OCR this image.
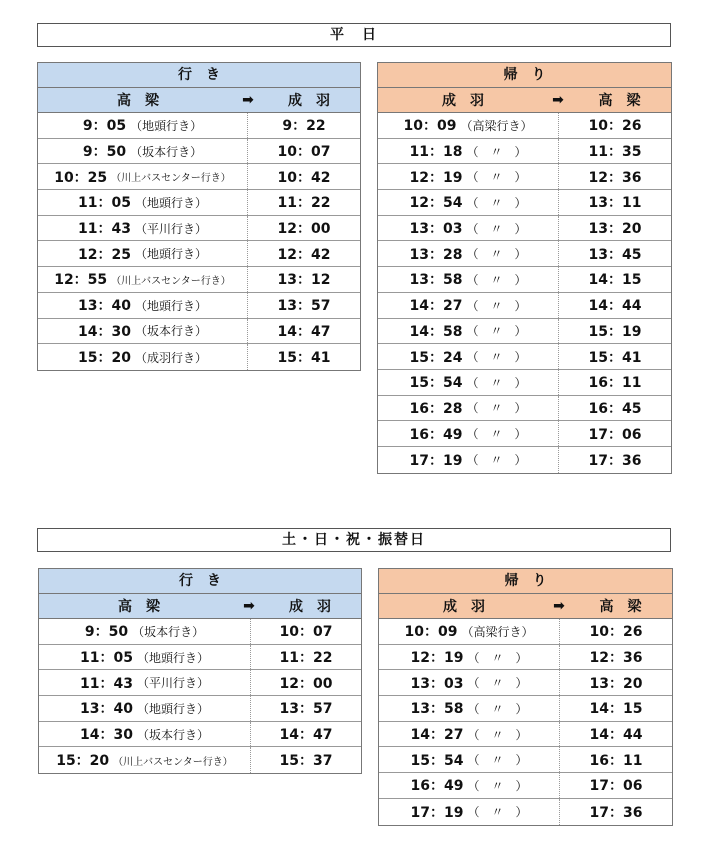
平　日
行　き
高　梁	➡	成　羽
9：05 （地頭行き）	9：22
9：50 （坂本行き）	10：07
10：25 （川上バスセンター行き）	10：42
11：05 （地頭行き）	11：22
11：43 （平川行き）	12：00
12：25 （地頭行き）	12：42
12：55 （川上バスセンター行き）	13：12
13：40 （地頭行き）	13：57
14：30 （坂本行き）	14：47
15：20 （成羽行き）	15：41
帰　り
成　羽	➡	高　梁
10：09 （高梁行き）	10：26
11：18 （　〃　）	11：35
12：19 （　〃　）	12：36
12：54 （　〃　）	13：11
13：03 （　〃　）	13：20
13：28 （　〃　）	13：45
13：58 （　〃　）	14：15
14：27 （　〃　）	14：44
14：58 （　〃　）	15：19
15：24 （　〃　）	15：41
15：54 （　〃　）	16：11
16：28 （　〃　）	16：45
16：49 （　〃　）	17：06
17：19 （　〃　）	17：36
土・日・祝・振替日
行　き
高　梁	➡	成　羽
9：50 （坂本行き）	10：07
11：05 （地頭行き）	11：22
11：43 （平川行き）	12：00
13：40 （地頭行き）	13：57
14：30 （坂本行き）	14：47
15：20 （川上バスセンター行き）	15：37
帰　り
成　羽	➡	高　梁
10：09 （高梁行き）	10：26
12：19 （　〃　）	12：36
13：03 （　〃　）	13：20
13：58 （　〃　）	14：15
14：27 （　〃　）	14：44
15：54 （　〃　）	16：11
16：49 （　〃　）	17：06
17：19 （　〃　）	17：36
